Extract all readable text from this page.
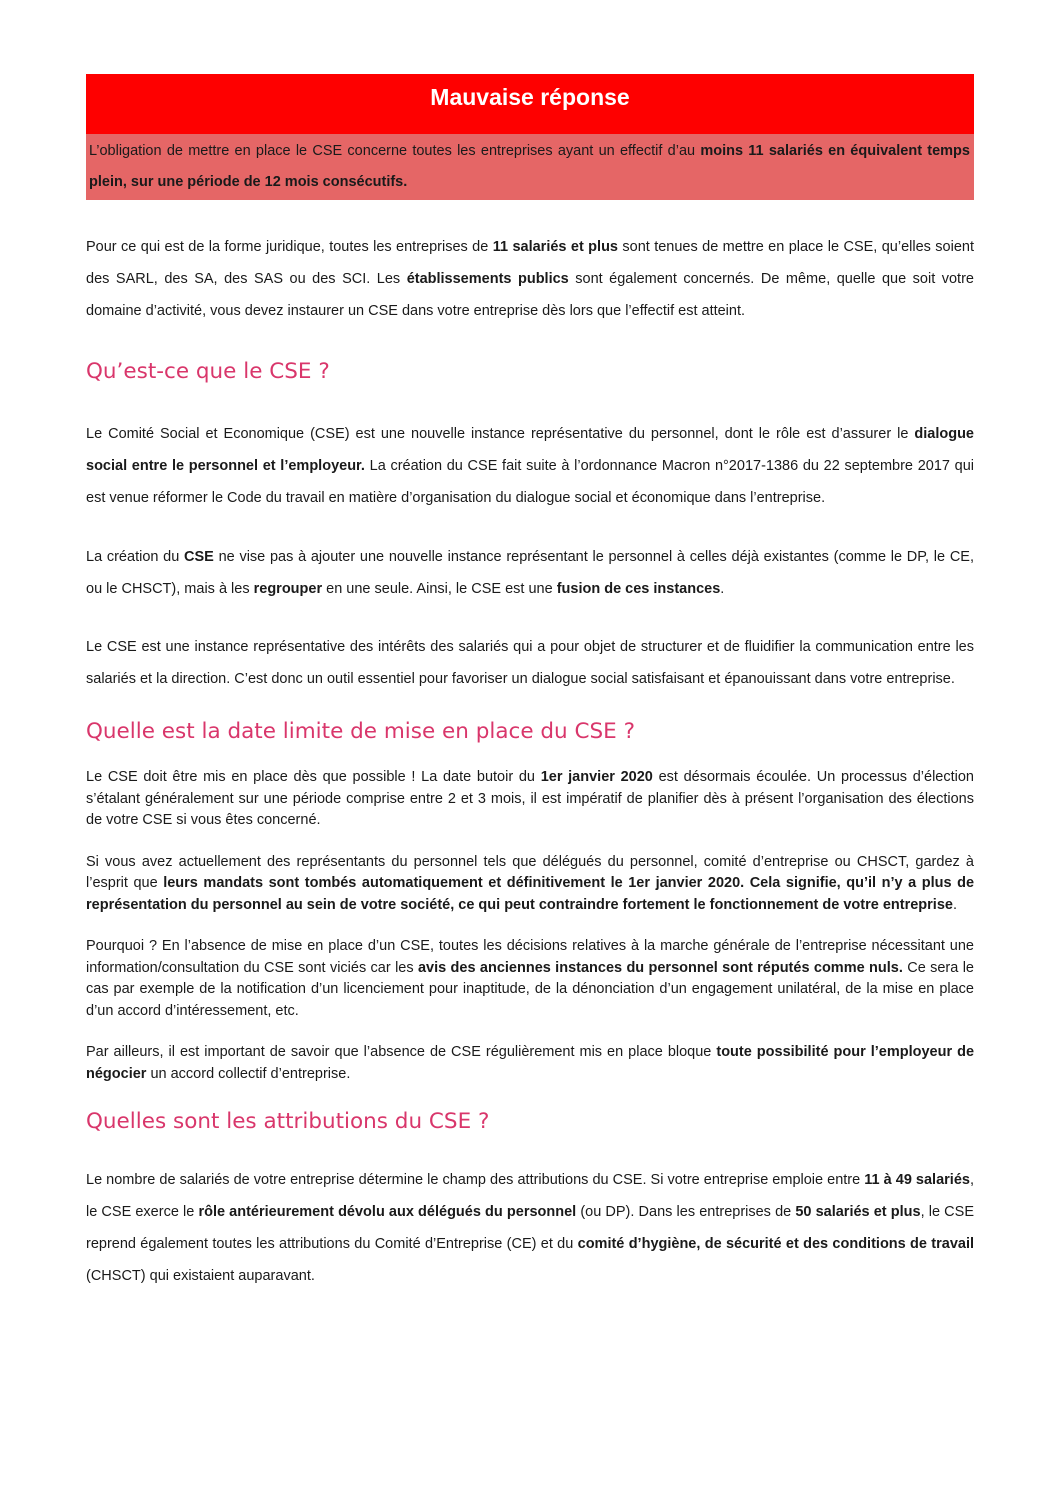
Mauvaise réponse
L’obligation de mettre en place le CSE concerne toutes les entreprises ayant un effectif d’au moins 11 salariés en équivalent temps plein, sur une période de 12 mois consécutifs.

Pour ce qui est de la forme juridique, toutes les entreprises de 11 salariés et plus sont tenues de mettre en place le CSE, qu’elles soient des SARL, des SA, des SAS ou des SCI. Les établissements publics sont également concernés. De même, quelle que soit votre domaine d’activité, vous devez instaurer un CSE dans votre entreprise dès lors que l’effectif est atteint.

Qu’est-ce que le CSE ?

Le Comité Social et Economique (CSE) est une nouvelle instance représentative du personnel, dont le rôle est d’assurer le dialogue social entre le personnel et l’employeur. La création du CSE fait suite à l’ordonnance Macron n°2017-1386 du 22 septembre 2017 qui est venue réformer le Code du travail en matière d’organisation du dialogue social et économique dans l’entreprise.

La création du CSE ne vise pas à ajouter une nouvelle instance représentant le personnel à celles déjà existantes (comme le DP, le CE, ou le CHSCT), mais à les regrouper en une seule. Ainsi, le CSE est une fusion de ces instances.

Le CSE est une instance représentative des intérêts des salariés qui a pour objet de structurer et de fluidifier la communication entre les salariés et la direction. C’est donc un outil essentiel pour favoriser un dialogue social satisfaisant et épanouissant dans votre entreprise.

Quelle est la date limite de mise en place du CSE ?

Le CSE doit être mis en place dès que possible ! La date butoir du 1er janvier 2020 est désormais écoulée. Un processus d’élection s’étalant généralement sur une période comprise entre 2 et 3 mois, il est impératif de planifier dès à présent l’organisation des élections de votre CSE si vous êtes concerné.

Si vous avez actuellement des représentants du personnel tels que délégués du personnel, comité d’entreprise ou CHSCT, gardez à l’esprit que leurs mandats sont tombés automatiquement et définitivement le 1er janvier 2020. Cela signifie, qu’il n’y a plus de représentation du personnel au sein de votre société, ce qui peut contraindre fortement le fonctionnement de votre entreprise.

Pourquoi ? En l’absence de mise en place d’un CSE, toutes les décisions relatives à la marche générale de l’entreprise nécessitant une information/consultation du CSE sont viciés car les avis des anciennes instances du personnel sont réputés comme nuls. Ce sera le cas par exemple de la notification d’un licenciement pour inaptitude, de la dénonciation d’un engagement unilatéral, de la mise en place d’un accord d’intéressement, etc.

Par ailleurs, il est important de savoir que l’absence de CSE régulièrement mis en place bloque toute possibilité pour l’employeur de négocier un accord collectif d’entreprise.

Quelles sont les attributions du CSE ?

Le nombre de salariés de votre entreprise détermine le champ des attributions du CSE. Si votre entreprise emploie entre 11 à 49 salariés, le CSE exerce le rôle antérieurement dévolu aux délégués du personnel (ou DP). Dans les entreprises de 50 salariés et plus, le CSE reprend également toutes les attributions du Comité d’Entreprise (CE) et du comité d’hygiène, de sécurité et des conditions de travail (CHSCT) qui existaient auparavant.
